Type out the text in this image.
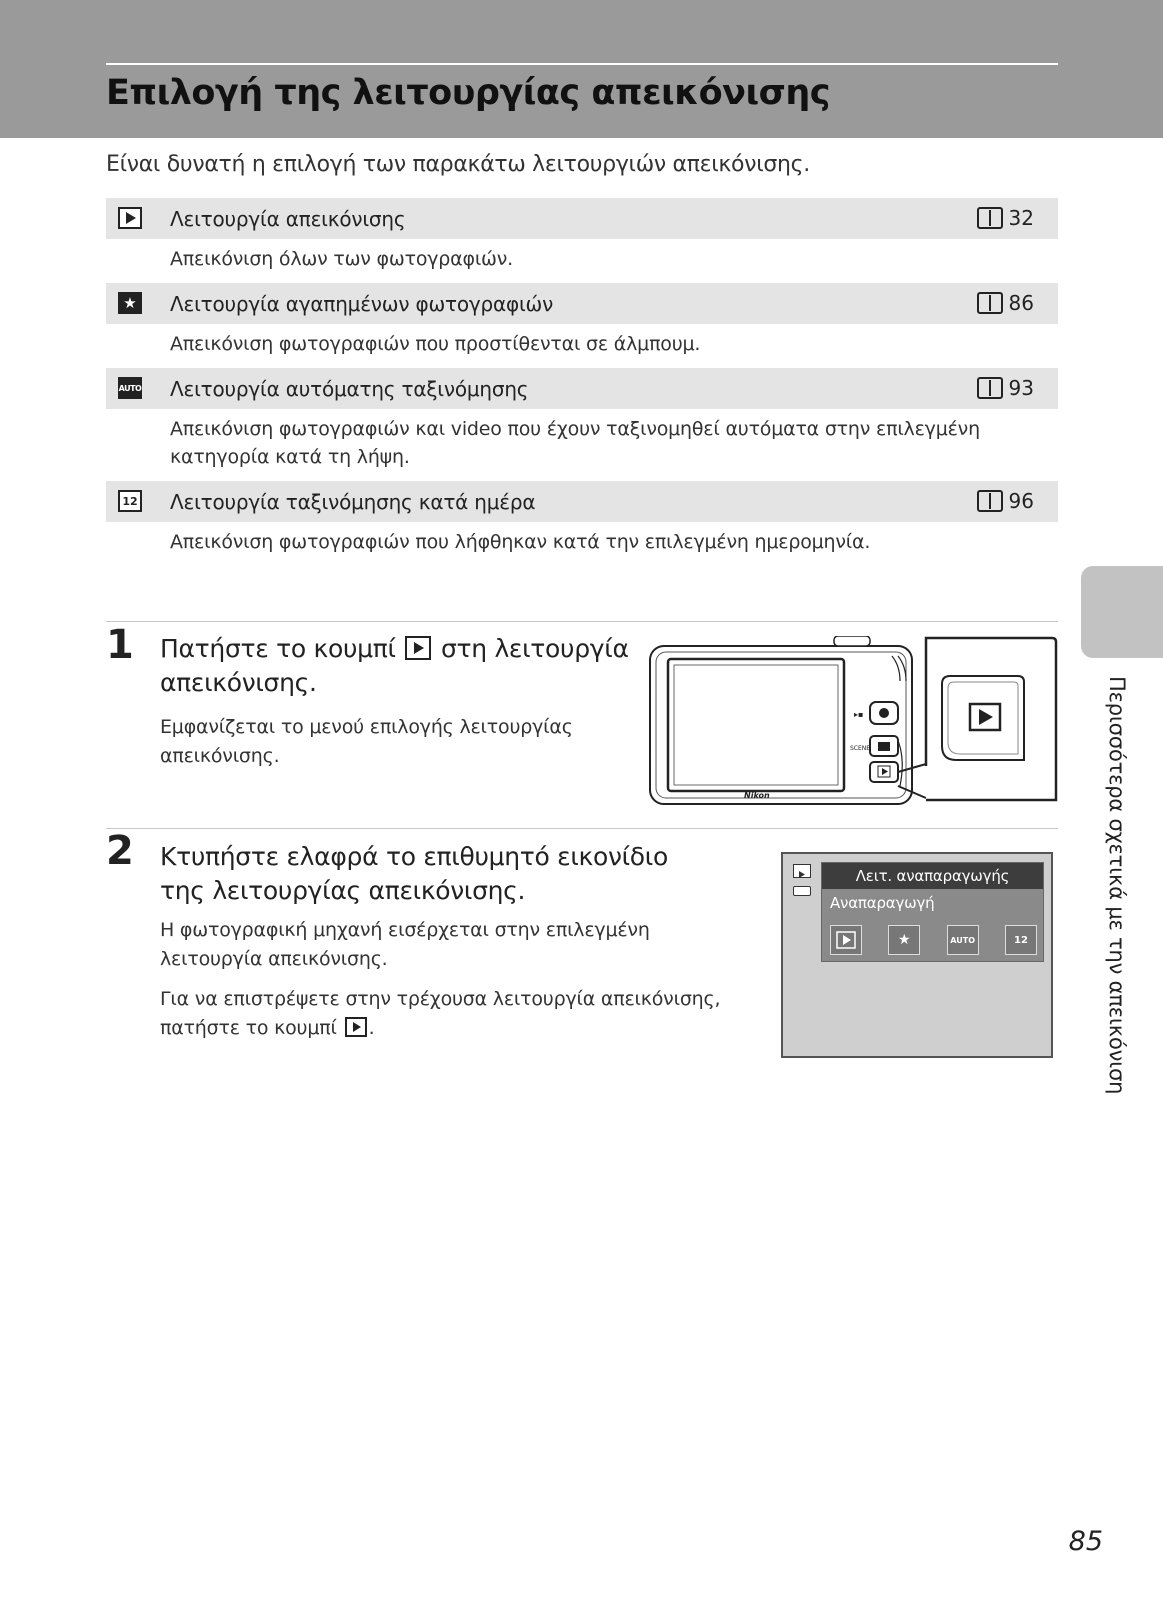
Επιλογή της λειτουργίας απεικόνισης

Είναι δυνατή η επιλογή των παρακάτω λειτουργιών απεικόνισης.

Λειτουργία απεικόνισης	32
Απεικόνιση όλων των φωτογραφιών.
★ Λειτουργία αγαπημένων φωτογραφιών	86
Απεικόνιση φωτογραφιών που προστίθενται σε άλμπουμ.
AUTO Λειτουργία αυτόματης ταξινόμησης	93
Απεικόνιση φωτογραφιών και video που έχουν ταξινομηθεί αυτόματα στην επιλεγμένη κατηγορία κατά τη λήψη.
12 Λειτουργία ταξινόμησης κατά ημέρα	96
Απεικόνιση φωτογραφιών που λήφθηκαν κατά την επιλεγμένη ημερομηνία.
1 Πατήστε το κουμπί στη λειτουργία
απεικόνισης.
Εμφανίζεται το μενού επιλογής λειτουργίας απεικόνισης.
▸▪
SCENE
Nikon
2 Κτυπήστε ελαφρά το επιθυμητό εικονίδιο της λειτουργίας απεικόνισης.
Η φωτογραφική μηχανή εισέρχεται στην επιλεγμένη λειτουργία απεικόνισης.
Για να επιστρέψετε στην τρέχουσα λειτουργία απεικόνισης, πατήστε το κουμπί .
Λειτ. αναπαραγωγής
Αναπαραγωγή
★	AUTO	12	Περισσότερα σχετικά με την απεικόνιση
85
